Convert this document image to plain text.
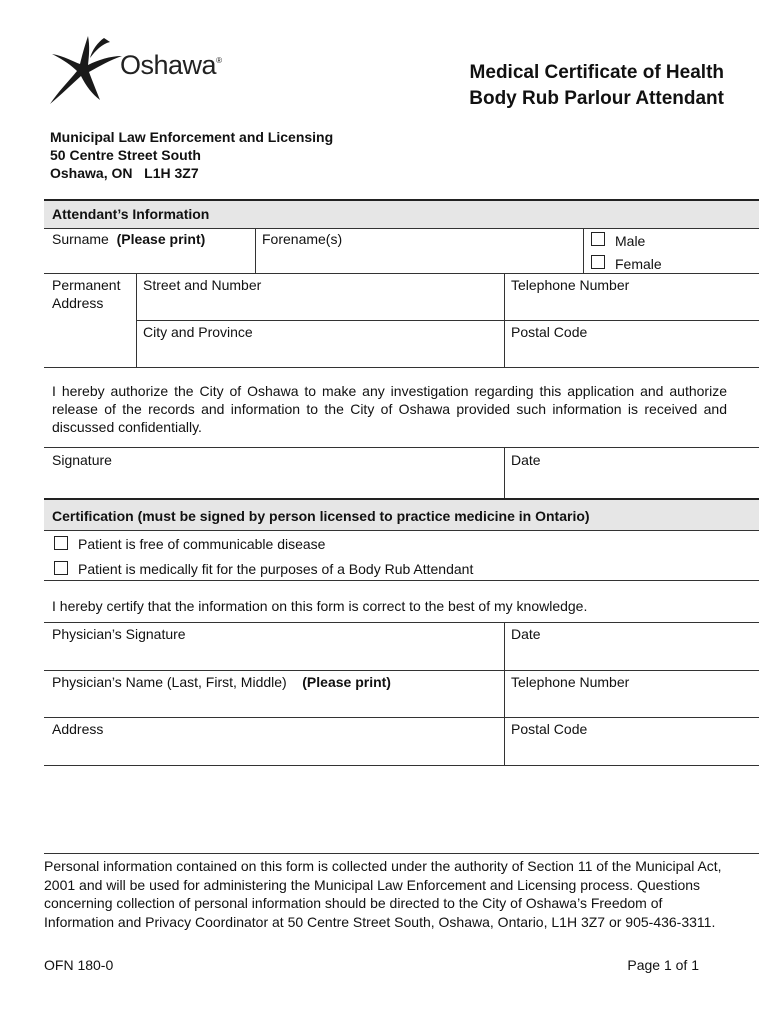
Oshawa®
Medical Certificate of Health
Body Rub Parlour Attendant
Municipal Law Enforcement and Licensing
50 Centre Street South
Oshawa, ON   L1H 3Z7
Attendant’s Information
Surname (Please print)	Forename(s)	Male
Female
Permanent
Address
Street and Number	Telephone Number
City and Province	Postal Code
I hereby authorize the City of Oshawa to make any investigation regarding this application and authorize release of the records and information to the City of Oshawa provided such information is received and discussed confidentially.
Signature	Date
Certification (must be signed by person licensed to practice medicine in Ontario)
Patient is free of communicable disease
Patient is medically fit for the purposes of a Body Rub Attendant
I hereby certify that the information on this form is correct to the best of my knowledge.
Physician’s Signature	Date
Physician’s Name (Last, First, Middle) (Please print)	Telephone Number
Address	Postal Code
Personal information contained on this form is collected under the authority of Section 11 of the Municipal Act, 2001 and will be used for administering the Municipal Law Enforcement and Licensing process. Questions concerning collection of personal information should be directed to the City of Oshawa’s Freedom of Information and Privacy Coordinator at 50 Centre Street South, Oshawa, Ontario, L1H 3Z7 or 905-436-3311.
OFN 180-0	Page 1 of 1
